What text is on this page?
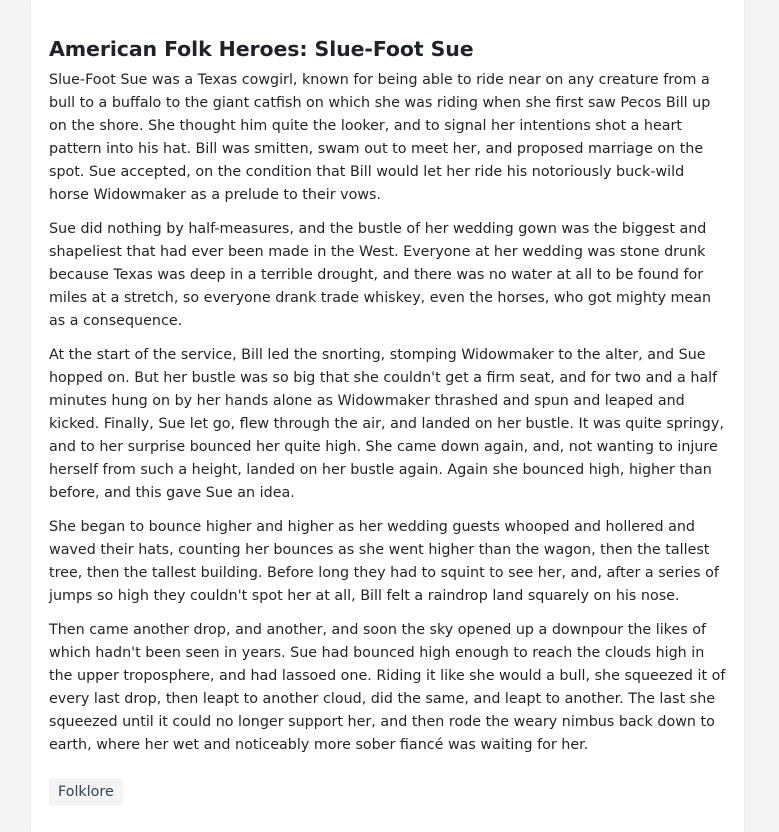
American Folk Heroes: Slue-Foot Sue

Slue-Foot Sue was a Texas cowgirl, known for being able to ride near on any creature from a bull to a buffalo to the giant catfish on which she was riding when she first saw Pecos Bill up on the shore. She thought him quite the looker, and to signal her intentions shot a heart pattern into his hat. Bill was smitten, swam out to meet her, and proposed marriage on the spot. Sue accepted, on the condition that Bill would let her ride his notoriously buck-wild horse Widowmaker as a prelude to their vows.

Sue did nothing by half-measures, and the bustle of her wedding gown was the biggest and shapeliest that had ever been made in the West. Everyone at her wedding was stone drunk because Texas was deep in a terrible drought, and there was no water at all to be found for miles at a stretch, so everyone drank trade whiskey, even the horses, who got mighty mean as a consequence.

At the start of the service, Bill led the snorting, stomping Widowmaker to the alter, and Sue hopped on. But her bustle was so big that she couldn't get a firm seat, and for two and a half minutes hung on by her hands alone as Widowmaker thrashed and spun and leaped and kicked. Finally, Sue let go, flew through the air, and landed on her bustle. It was quite springy, and to her surprise bounced her quite high. She came down again, and, not wanting to injure herself from such a height, landed on her bustle again. Again she bounced high, higher than before, and this gave Sue an idea.

She began to bounce higher and higher as her wedding guests whooped and hollered and waved their hats, counting her bounces as she went higher than the wagon, then the tallest tree, then the tallest building. Before long they had to squint to see her, and, after a series of jumps so high they couldn't spot her at all, Bill felt a raindrop land squarely on his nose.

Then came another drop, and another, and soon the sky opened up a downpour the likes of which hadn't been seen in years. Sue had bounced high enough to reach the clouds high in the upper troposphere, and had lassoed one. Riding it like she would a bull, she squeezed it of every last drop, then leapt to another cloud, did the same, and leapt to another. The last she squeezed until it could no longer support her, and then rode the weary nimbus back down to earth, where her wet and noticeably more sober fiancé was waiting for her.

Folklore
